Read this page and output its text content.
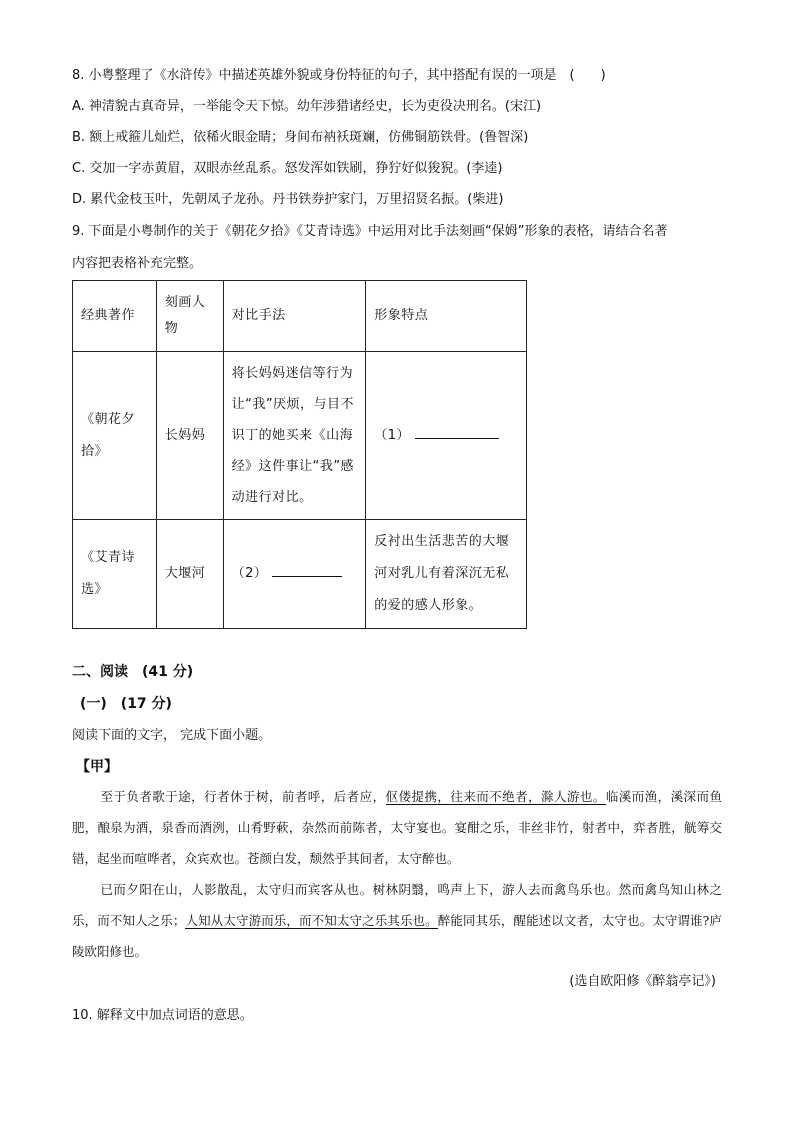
8. 小粤整理了《水浒传》中描述英雄外貌或身份特征的句子，其中搭配有误的一项是　(　　)
A. 神清貌古真奇异，一举能令天下惊。幼年涉猎诸经史，长为吏役决刑名。(宋江)
B. 额上戒箍儿灿烂，依稀火眼金睛；身间布衲袄斑斓，仿佛铜筋铁骨。(鲁智深)
C. 交加一字赤黄眉，双眼赤丝乱系。怒发浑如铁刷，狰狞好似狻猊。(李逵)
D. 累代金枝玉叶，先朝凤子龙孙。丹书铁券护家门，万里招贤名振。(柴进)
9. 下面是小粤制作的关于《朝花夕拾》《艾青诗选》中运用对比手法刻画“保姆”形象的表格，请结合名著
内容把表格补充完整。
经典著作	刻画人物	对比手法	形象特点
《朝花夕拾》	长妈妈	将长妈妈迷信等行为让“我”厌烦，与目不识丁的她买来《山海经》这件事让“我”感动进行对比。	（1）
《艾青诗选》	大堰河	（2）	反衬出生活悲苦的大堰河对乳儿有着深沉无私的爱的感人形象。
二、阅读　(41 分)
(一)　(17 分)
阅读下面的文字， 完成下面小题。
【甲】
至于负者歌于途，行者休于树，前者呼，后者应，伛偻提携，往来而不绝者，滁人游也。临溪而渔，溪深而鱼肥，酿泉为酒，泉香而酒洌，山肴野蔌，杂然而前陈者，太守宴也。宴酣之乐，非丝非竹，射者中，弈者胜，觥筹交错，起坐而喧哗者，众宾欢也。苍颜白发，颓然乎其间者，太守醉也。
已而夕阳在山，人影散乱，太守归而宾客从也。树林阴翳，鸣声上下，游人去而禽鸟乐也。然而禽鸟知山林之乐，而不知人之乐；人知从太守游而乐，而不知太守之乐其乐也。醉能同其乐，醒能述以文者，太守也。太守谓谁?庐陵欧阳修也。
(选自欧阳修《醉翁亭记》)
10. 解释文中加点词语的意思。
